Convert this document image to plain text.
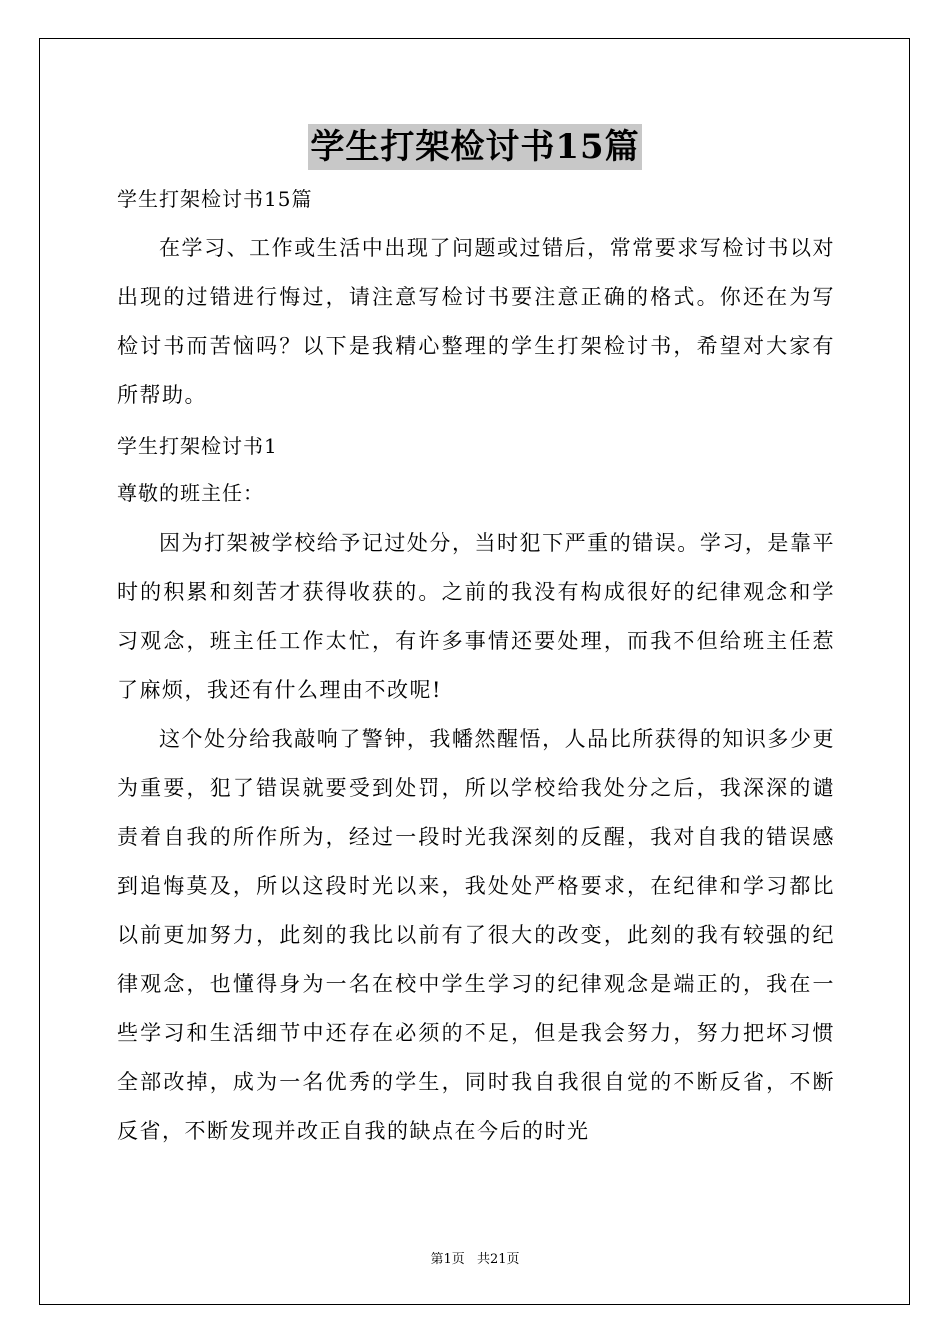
学生打架检讨书15篇

学生打架检讨书15篇

在学习、工作或生活中出现了问题或过错后，常常要求写检讨书以对出现的过错进行悔过，请注意写检讨书要注意正确的格式。你还在为写检讨书而苦恼吗？以下是我精心整理的学生打架检讨书，希望对大家有所帮助。

学生打架检讨书1

尊敬的班主任：

因为打架被学校给予记过处分，当时犯下严重的错误。学习，是靠平时的积累和刻苦才获得收获的。之前的我没有构成很好的纪律观念和学习观念，班主任工作太忙，有许多事情还要处理，而我不但给班主任惹了麻烦，我还有什么理由不改呢!

这个处分给我敲响了警钟，我幡然醒悟，人品比所获得的知识多少更为重要，犯了错误就要受到处罚，所以学校给我处分之后，我深深的谴责着自我的所作所为，经过一段时光我深刻的反醒，我对自我的错误感到追悔莫及，所以这段时光以来，我处处严格要求，在纪律和学习都比以前更加努力，此刻的我比以前有了很大的改变，此刻的我有较强的纪律观念，也懂得身为一名在校中学生学习的纪律观念是端正的，我在一些学习和生活细节中还存在必须的不足，但是我会努力，努力把坏习惯全部改掉，成为一名优秀的学生，同时我自我很自觉的不断反省，不断反省，不断发现并改正自我的缺点在今后的时光

第1页 共21页
